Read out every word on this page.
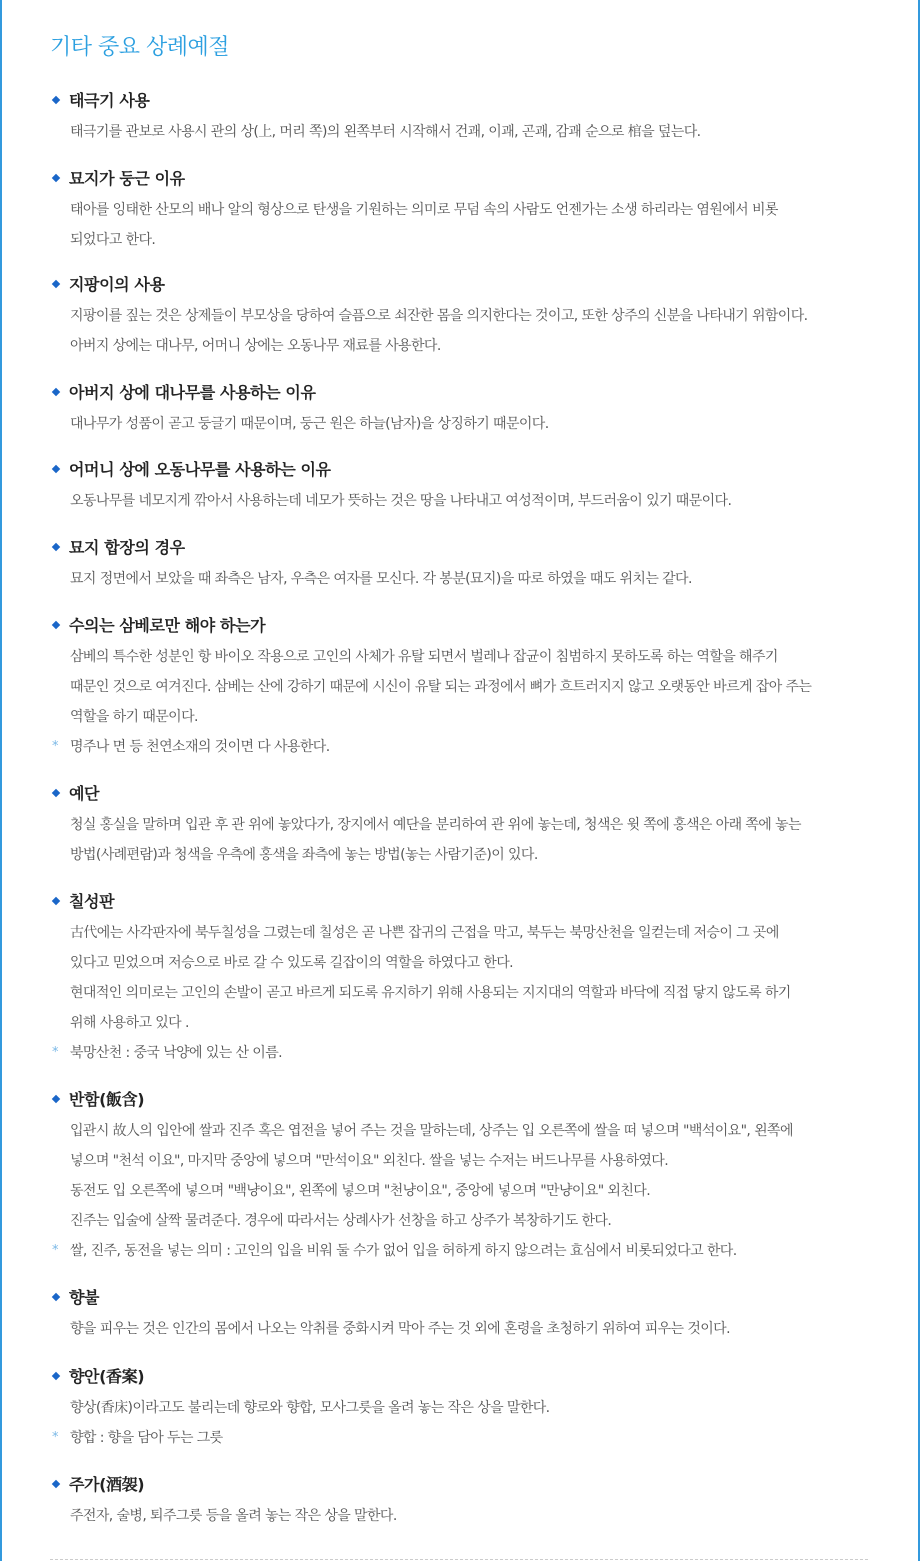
기타 중요 상례예절
태극기 사용
태극기를 관보로 사용시 관의 상(上, 머리 쪽)의 왼쪽부터 시작해서 건괘, 이괘, 곤괘, 감괘 순으로 棺을 덮는다.
묘지가 둥근 이유
태아를 잉태한 산모의 배나 알의 형상으로 탄생을 기원하는 의미로 무덤 속의 사람도 언젠가는 소생 하리라는 염원에서 비롯
되었다고 한다.
지팡이의 사용
지팡이를 짚는 것은 상제들이 부모상을 당하여 슬픔으로 쇠잔한 몸을 의지한다는 것이고, 또한 상주의 신분을 나타내기 위함이다.
아버지 상에는 대나무, 어머니 상에는 오동나무 재료를 사용한다.
아버지 상에 대나무를 사용하는 이유
대나무가 성품이 곧고 둥글기 때문이며, 둥근 원은 하늘(남자)을 상징하기 때문이다.
어머니 상에 오동나무를 사용하는 이유
오동나무를 네모지게 깎아서 사용하는데 네모가 뜻하는 것은 땅을 나타내고 여성적이며, 부드러움이 있기 때문이다.
묘지 합장의 경우
묘지 정면에서 보았을 때 좌측은 남자, 우측은 여자를 모신다. 각 봉분(묘지)을 따로 하였을 때도 위치는 같다.
수의는 삼베로만 해야 하는가
삼베의 특수한 성분인 항 바이오 작용으로 고인의 사체가 유탈 되면서 벌레나 잡균이 침범하지 못하도록 하는 역할을 해주기
때문인 것으로 여겨진다. 삼베는 산에 강하기 때문에 시신이 유탈 되는 과정에서 뼈가 흐트러지지 않고 오랫동안 바르게 잡아 주는
역할을 하기 때문이다.
* 명주나 면 등 천연소재의 것이면 다 사용한다.
예단
청실 홍실을 말하며 입관 후 관 위에 놓았다가, 장지에서 예단을 분리하여 관 위에 놓는데, 청색은 윗 쪽에 홍색은 아래 쪽에 놓는
방법(사례편람)과 청색을 우측에 홍색을 좌측에 놓는 방법(놓는 사람기준)이 있다.
칠성판
古代에는 사각판자에 북두칠성을 그렸는데 칠성은 곧 나쁜 잡귀의 근접을 막고, 북두는 북망산천을 일컫는데 저승이 그 곳에
있다고 믿었으며 저승으로 바로 갈 수 있도록 길잡이의 역할을 하였다고 한다.
현대적인 의미로는 고인의 손발이 곧고 바르게 되도록 유지하기 위해 사용되는 지지대의 역할과 바닥에 직접 닿지 않도록 하기
위해 사용하고 있다 .
* 북망산천 : 중국 낙양에 있는 산 이름.
반함(飯含)
입관시 故人의 입안에 쌀과 진주 혹은 엽전을 넣어 주는 것을 말하는데, 상주는 입 오른쪽에 쌀을 떠 넣으며 "백석이요", 왼쪽에
넣으며 "천석 이요", 마지막 중앙에 넣으며 "만석이요" 외친다. 쌀을 넣는 수저는 버드나무를 사용하였다.
동전도 입 오른쪽에 넣으며 "백냥이요", 왼쪽에 넣으며 "천냥이요", 중앙에 넣으며 "만냥이요" 외친다.
진주는 입술에 살짝 물려준다. 경우에 따라서는 상례사가 선창을 하고 상주가 복창하기도 한다.
* 쌀, 진주, 동전을 넣는 의미 : 고인의 입을 비워 둘 수가 없어 입을 허하게 하지 않으려는 효심에서 비롯되었다고 한다.
향불
향을 피우는 것은 인간의 몸에서 나오는 악취를 중화시켜 막아 주는 것 외에 혼령을 초청하기 위하여 피우는 것이다.
향안(香案)
향상(香床)이라고도 불리는데 향로와 향합, 모사그릇을 올려 놓는 작은 상을 말한다.
* 향합 : 향을 담아 두는 그릇
주가(酒袈)
주전자, 술병, 퇴주그릇 등을 올려 놓는 작은 상을 말한다.
